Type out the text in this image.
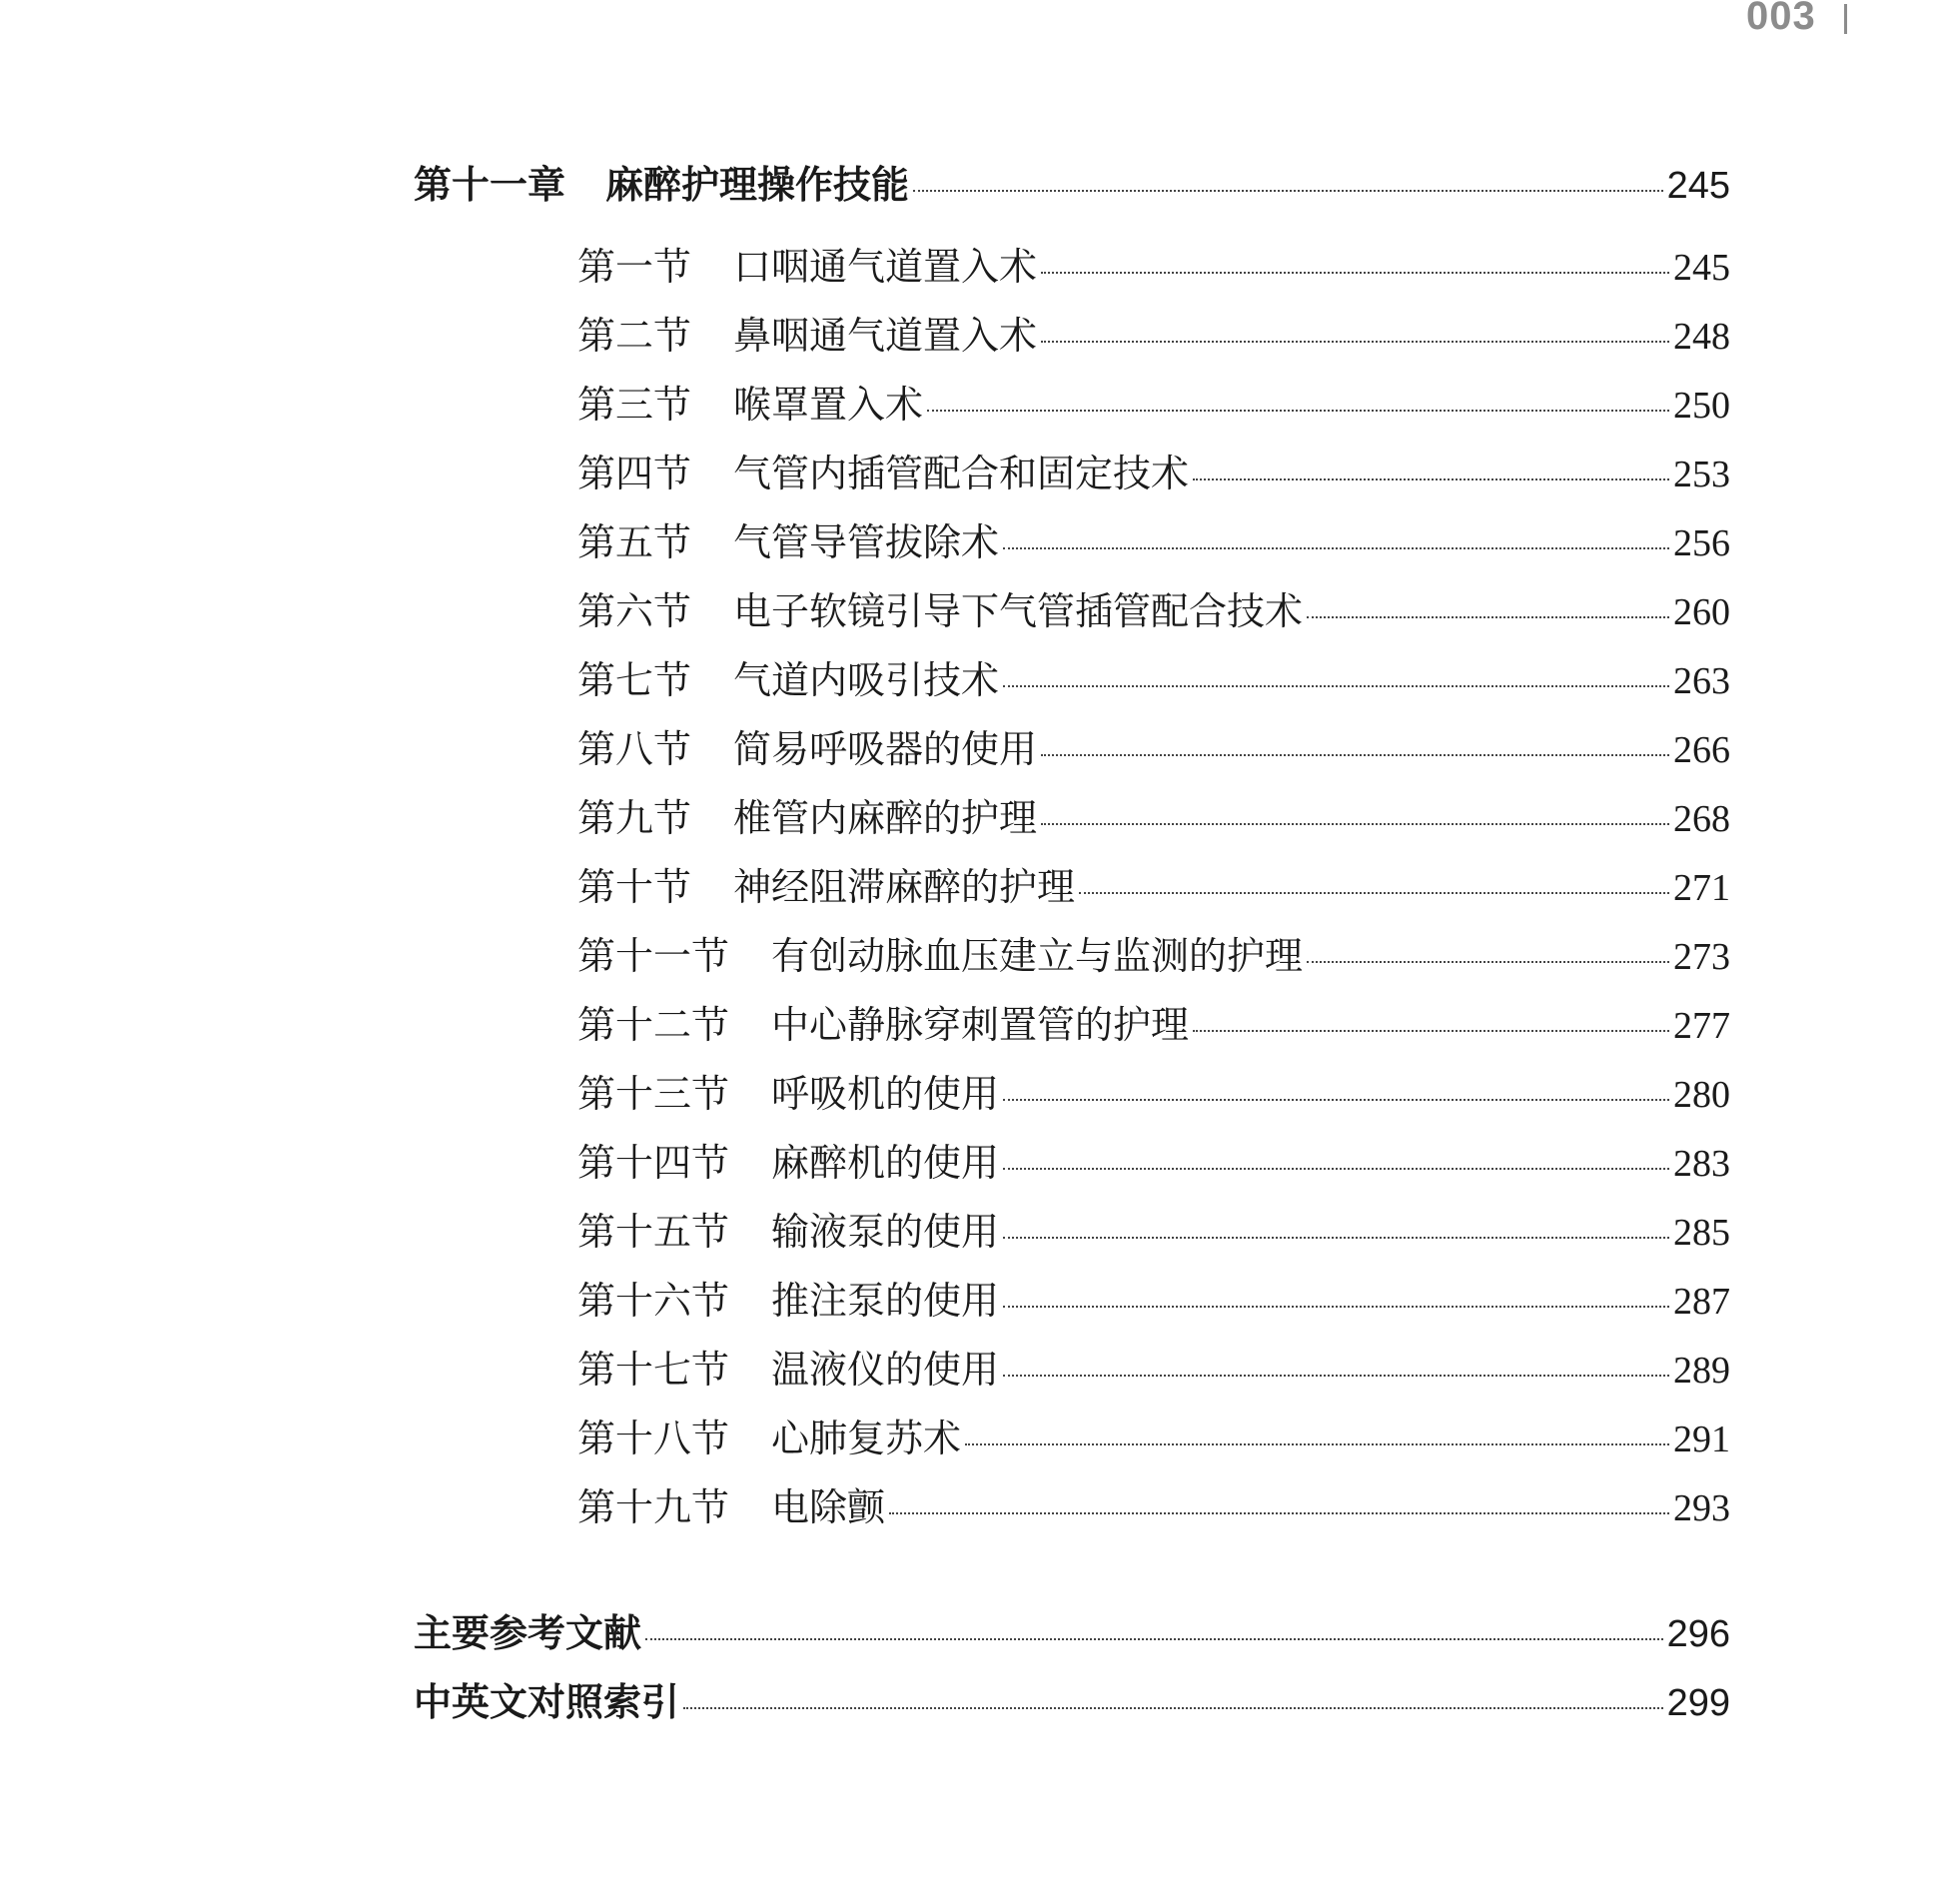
003
第十一章 麻醉护理操作技能	245
第一节 口咽通气道置入术	245
第二节 鼻咽通气道置入术	248
第三节 喉罩置入术	250
第四节 气管内插管配合和固定技术	253
第五节 气管导管拔除术	256
第六节 电子软镜引导下气管插管配合技术	260
第七节 气道内吸引技术	263
第八节 简易呼吸器的使用	266
第九节 椎管内麻醉的护理	268
第十节 神经阻滞麻醉的护理	271
第十一节 有创动脉血压建立与监测的护理	273
第十二节 中心静脉穿刺置管的护理	277
第十三节 呼吸机的使用	280
第十四节 麻醉机的使用	283
第十五节 输液泵的使用	285
第十六节 推注泵的使用	287
第十七节 温液仪的使用	289
第十八节 心肺复苏术	291
第十九节 电除颤	293
主要参考文献	296
中英文对照索引	299
